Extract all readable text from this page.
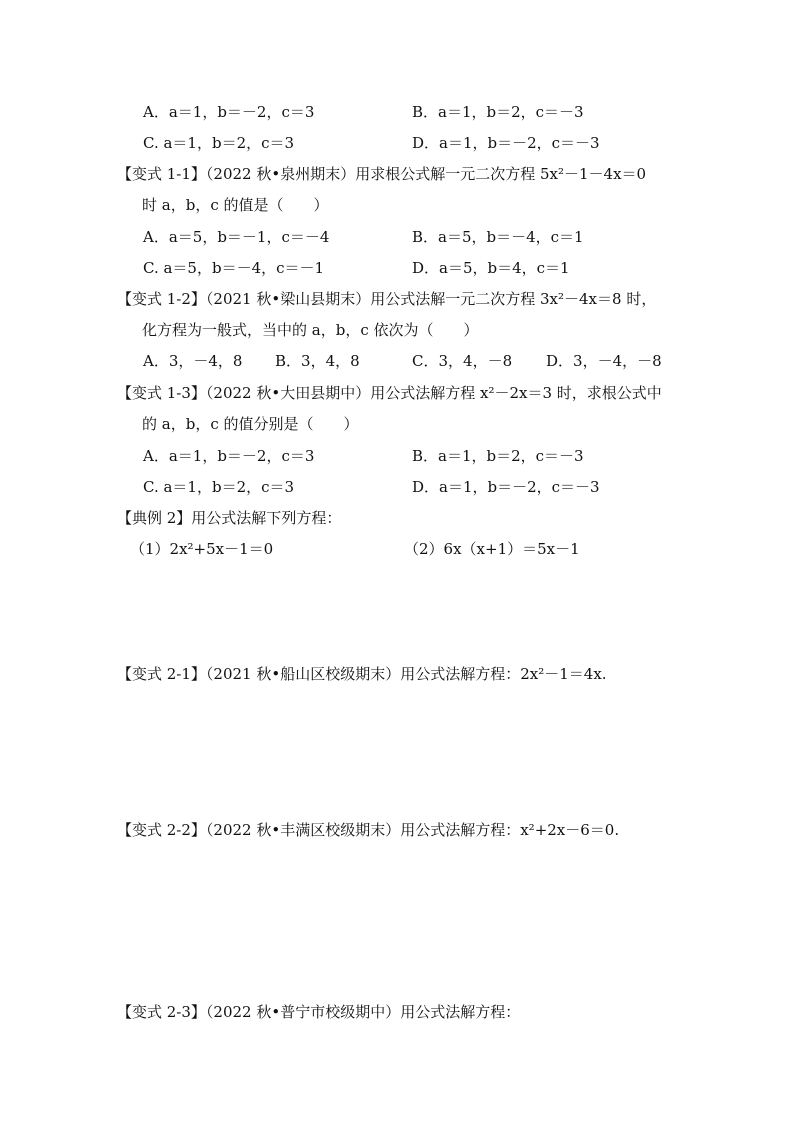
A．a＝1，b＝－2，c＝3	B．a＝1，b＝2，c＝－3
C. a＝1，b＝2，c＝3	D．a＝1，b＝－2，c＝－3
【变式 1-1】（2022 秋•泉州期末）用求根公式解一元二次方程 5x²－1－4x＝0
时 a，b，c 的值是（　　）
A．a＝5，b＝－1，c＝－4	B．a＝5，b＝－4，c＝1
C. a＝5，b＝－4，c＝－1	D．a＝5，b＝4，c＝1
【变式 1-2】（2021 秋•梁山县期末）用公式法解一元二次方程 3x²－4x＝8 时，
化方程为一般式，当中的 a，b，c 依次为（　　）
A．3，－4，8 B．3，4，8	C．3，4，－8 D．3，－4，－8
【变式 1-3】（2022 秋•大田县期中）用公式法解方程 x²－2x＝3 时，求根公式中
的 a，b，c 的值分别是（　　）
A．a＝1，b＝－2，c＝3	B．a＝1，b＝2，c＝－3
C. a＝1，b＝2，c＝3	D．a＝1，b＝－2，c＝－3
【典例 2】用公式法解下列方程：
（1）2x²+5x－1＝0	（2）6x（x+1）＝5x－1
【变式 2-1】（2021 秋•船山区校级期末）用公式法解方程：2x²－1＝4x.
【变式 2-2】（2022 秋•丰满区校级期末）用公式法解方程：x²+2x－6＝0.
【变式 2-3】（2022 秋•普宁市校级期中）用公式法解方程：
